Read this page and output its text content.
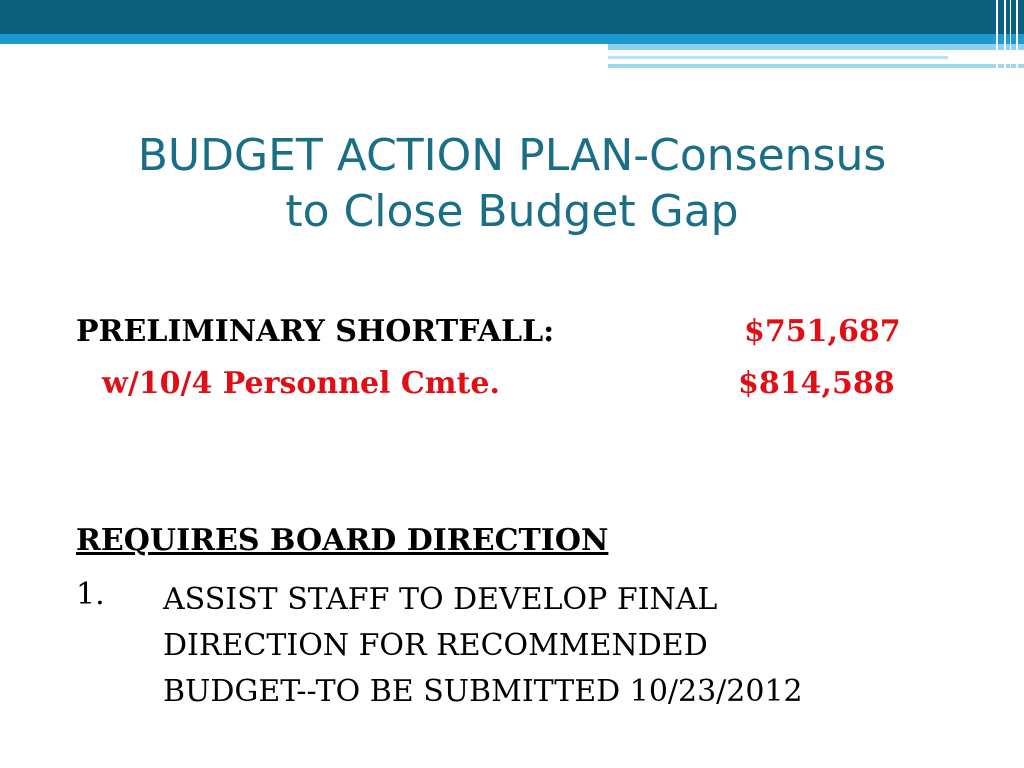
BUDGET ACTION PLAN-Consensus
to Close Budget Gap
PRELIMINARY SHORTFALL:	$751,687
w/10/4 Personnel Cmte.	$814,588
REQUIRES BOARD DIRECTION
1. ASSIST STAFF TO DEVELOP FINAL
DIRECTION FOR RECOMMENDED
BUDGET--TO BE SUBMITTED 10/23/2012
